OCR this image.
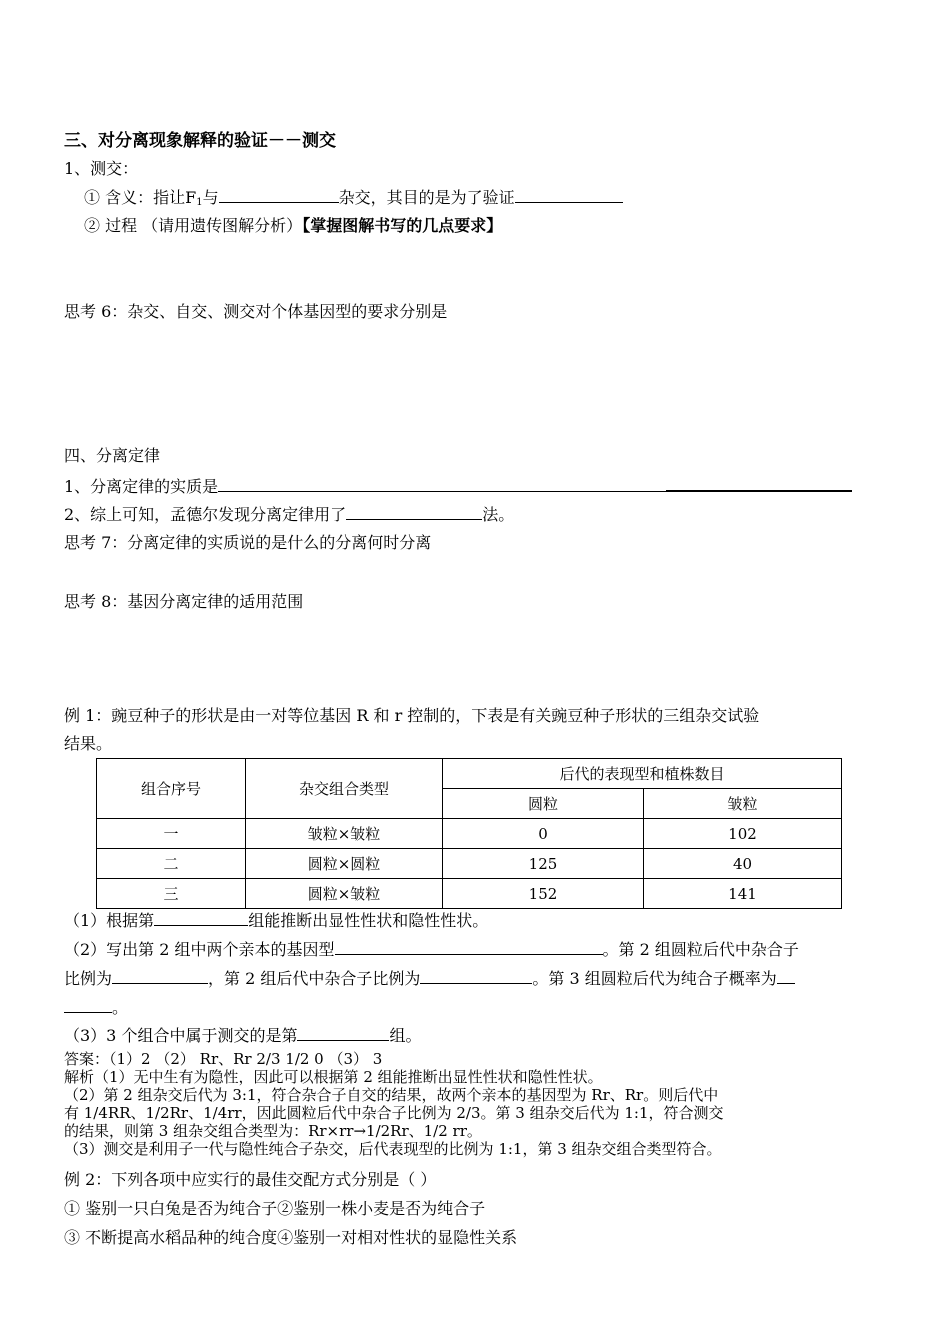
三、对分离现象解释的验证－－测交
1、测交：
① 含义：指让$F_1$与	杂交，其目的是为了验证
② 过程 （请用遗传图解分析）【掌握图解书写的几点要求】
思考 6：杂交、自交、测交对个体基因型的要求分别是
四、分离定律
1、分离定律的实质是
2、综上可知，孟德尔发现分离定律用了	法。
思考 7：分离定律的实质说的是什么的分离何时分离
思考 8：基因分离定律的适用范围
例 1：豌豆种子的形状是由一对等位基因 R 和 r 控制的，下表是有关豌豆种子形状的三组杂交试验
结果。
组合序号	杂交组合类型	后代的表现型和植株数目	
		圆粒	皱粒
一	皱粒×皱粒	0	102
二	圆粒×圆粒	125	40
三	圆粒×皱粒	152	141
（1）根据第	组能推断出显性性状和隐性性状。
（2）写出第 2 组中两个亲本的基因型	。第 2 组圆粒后代中杂合子
比例为	，第 2 组后代中杂合子比例为	。第 3 组圆粒后代为纯合子概率为
。
（3）3 个组合中属于测交的是第	组。
答案：（1）2 （2） Rr、Rr 2/3 1/2 0 （3） 3
解析（1）无中生有为隐性，因此可以根据第 2 组能推断出显性性状和隐性性状。
（2）第 2 组杂交后代为 3:1，符合杂合子自交的结果，故两个亲本的基因型为 Rr、Rr。则后代中
有 1/4RR、1/2Rr、1/4rr，因此圆粒后代中杂合子比例为 2/3。第 3 组杂交后代为 1:1，符合测交
的结果，则第 3 组杂交组合类型为：Rr×rr→1/2Rr、1/2 rr。
（3）测交是利用子一代与隐性纯合子杂交，后代表现型的比例为 1:1，第 3 组杂交组合类型符合。
例 2：下列各项中应实行的最佳交配方式分别是（ ）
① 鉴别一只白兔是否为纯合子②鉴别一株小麦是否为纯合子
③ 不断提高水稻品种的纯合度④鉴别一对相对性状的显隐性关系
